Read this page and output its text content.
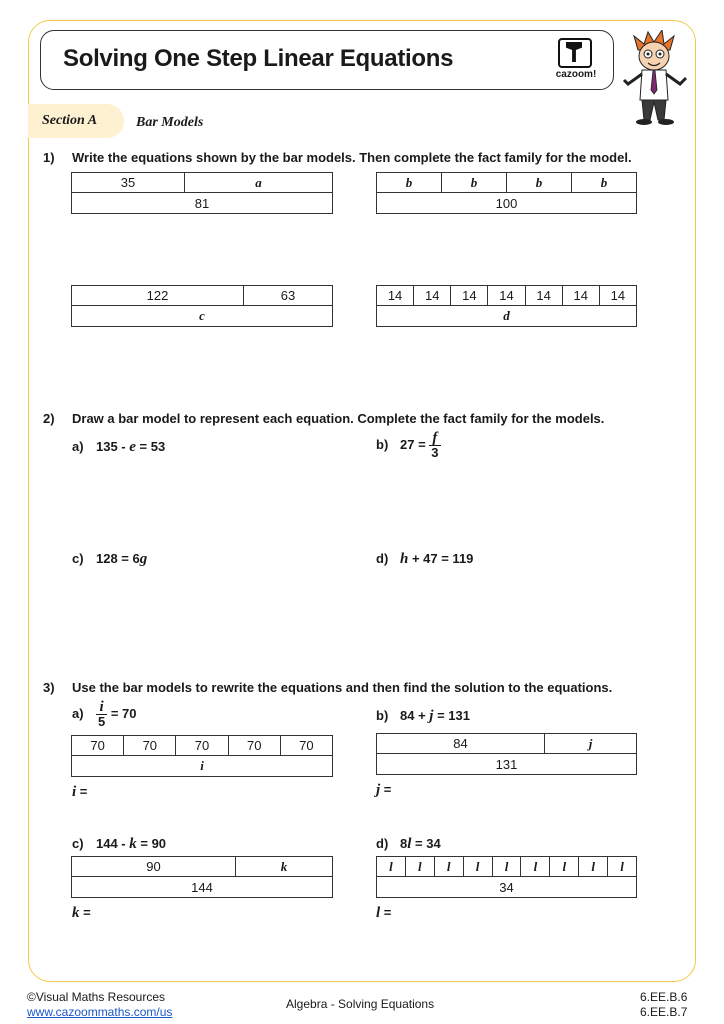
Solving One Step Linear Equations
cazoom!
Section A	Bar Models
1) Write the equations shown by the bar models. Then complete the fact family for the model.
35	a
81
b	b	b	b
100
122	63
c
14	14	14	14	14	14	14
d
2) Draw a bar model to represent each equation. Complete the fact family for the models.
a) 135 - e = 53	b) $27 = \frac{f}{3}$
c) 128 = 6g	d) h + 47 = 119
3) Use the bar models to rewrite the equations and then find the solution to the equations.
$a) \frac{i}{5} = 70$
70	70	70	70	70
i
i =
b) 84 + j = 131
84	j
131
j =
c) 144 - k = 90
90	k
144
k =
d) 8l = 34
l	l	l	l	l	l	l	l	l
34
l =
©Visual Maths Resources
www.cazoommaths.com/us
Algebra - Solving Equations	6.EE.B.6
6.EE.B.7
